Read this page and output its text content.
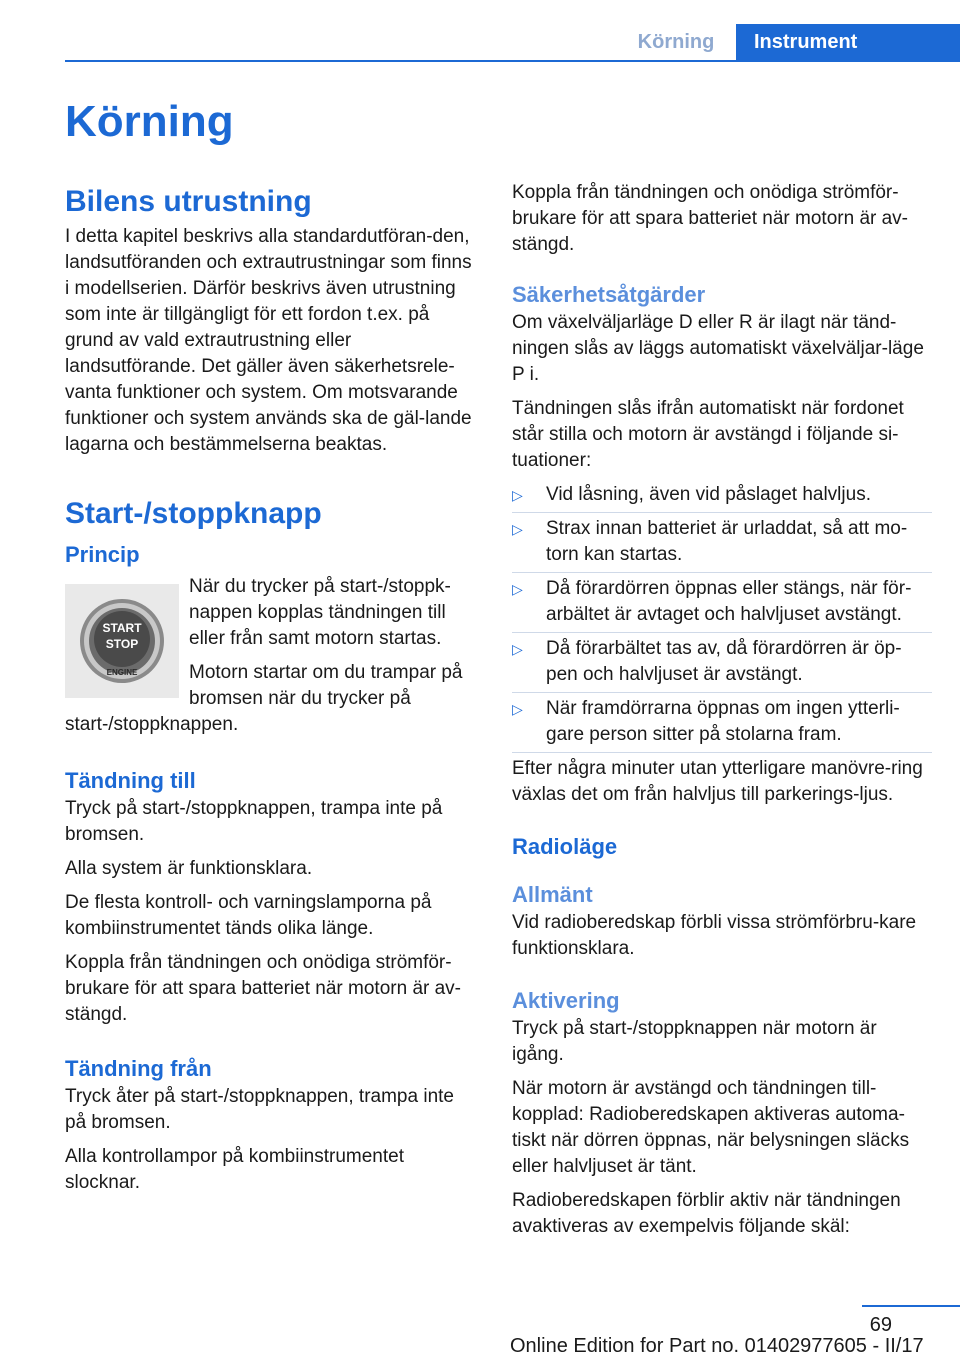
Körning	Instrument
Körning
Bilens utrustning

I detta kapitel beskrivs alla standardutföran-den, landsutföranden och extrautrustningar som finns i modellserien. Därför beskrivs även utrustning som inte är tillgängligt för ett fordon t.ex. på grund av vald extrautrustning eller landsutförande. Det gäller även säkerhetsrele-vanta funktioner och system. Om motsvarande funktioner och system används ska de gäl-lande lagarna och bestämmelserna beaktas.

Start-/stoppknapp
Princip
START
STOP
ENGINE

När du trycker på start-/stoppk-nappen kopplas tändningen till eller från samt motorn startas.

Motorn startar om du trampar på bromsen när du trycker på start-/stoppknappen.

Tändning till

Tryck på start-/stoppknappen, trampa inte på bromsen.

Alla system är funktionsklara.

De flesta kontroll- och varningslamporna på kombiinstrumentet tänds olika länge.

Koppla från tändningen och onödiga strömför-brukare för att spara batteriet när motorn är av-stängd.

Tändning från

Tryck åter på start-/stoppknappen, trampa inte på bromsen.

Alla kontrollampor på kombiinstrumentet slocknar.

Koppla från tändningen och onödiga strömför-brukare för att spara batteriet när motorn är av-stängd.

Säkerhetsåtgärder

Om växelväljarläge D eller R är ilagt när tänd-ningen slås av läggs automatiskt växelväljar-läge P i.

Tändningen slås ifrån automatiskt när fordonet står stilla och motorn är avstängd i följande si-tuationer:

▷ Vid låsning, även vid påslaget halvljus.
▷ Strax innan batteriet är urladdat, så att mo-torn kan startas.
▷ Då förardörren öppnas eller stängs, när för-arbältet är avtaget och halvljuset avstängt.
▷ Då förarbältet tas av, då förardörren är öp-pen och halvljuset är avstängt.
▷ När framdörrarna öppnas om ingen ytterli-gare person sitter på stolarna fram.

Efter några minuter utan ytterligare manövre-ring växlas det om från halvljus till parkerings-ljus.

Radioläge
Allmänt

Vid radioberedskap förbli vissa strömförbru-kare funktionsklara.

Aktivering

Tryck på start-/stoppknappen när motorn är igång.

När motorn är avstängd och tändningen till-kopplad: Radioberedskapen aktiveras automa-tiskt när dörren öppnas, när belysningen släcks eller halvljuset är tänt.

Radioberedskapen förblir aktiv när tändningen avaktiveras av exempelvis följande skäl:

69
Online Edition for Part no. 01402977605 - II/17
